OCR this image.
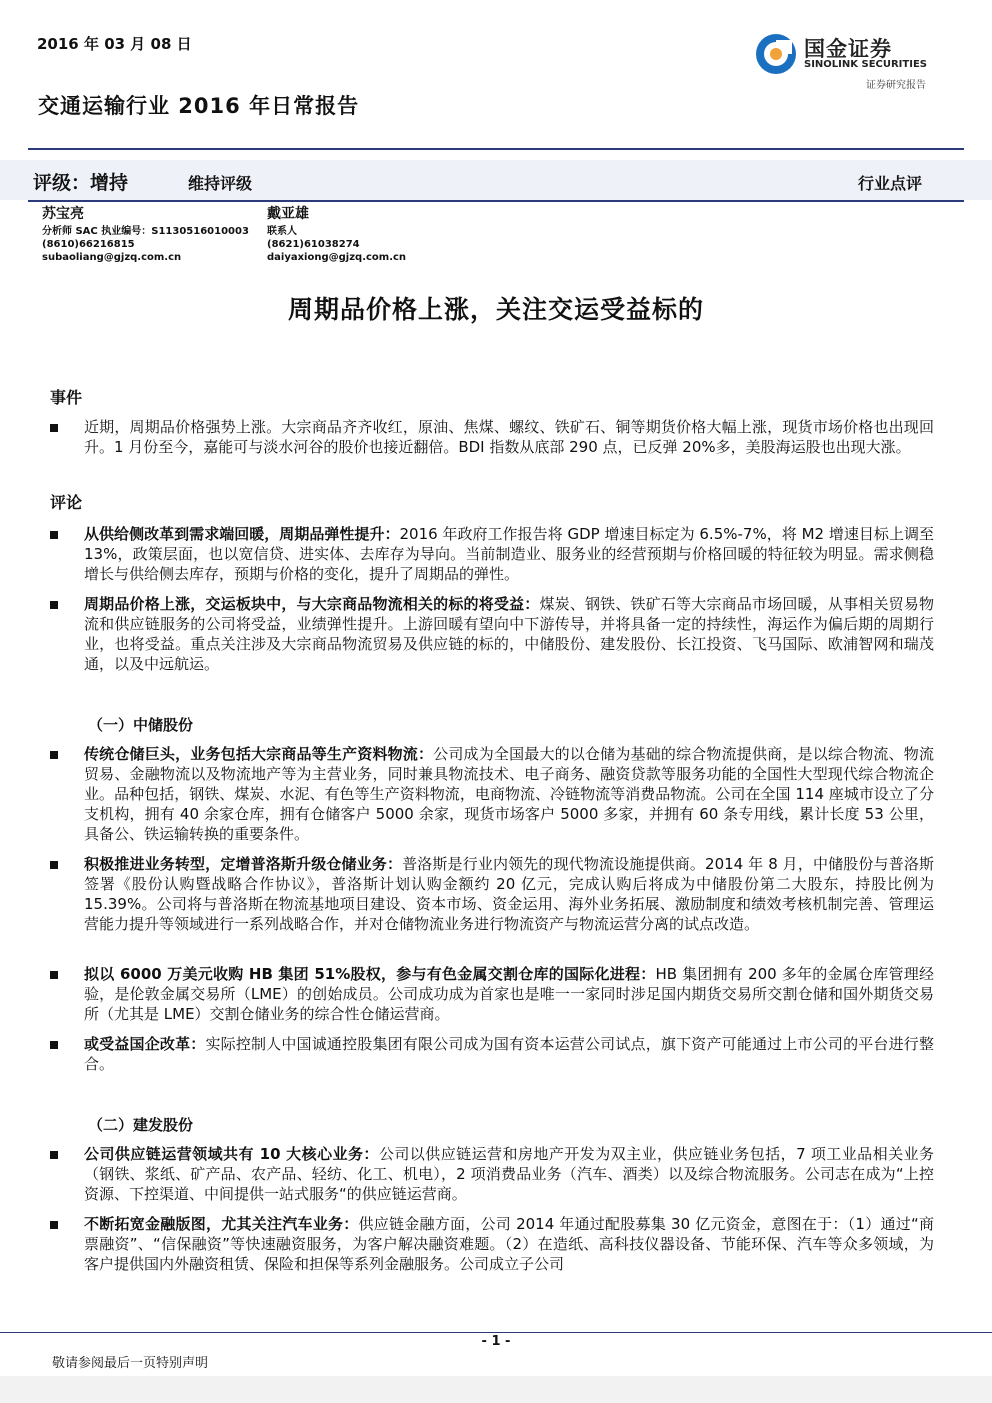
2016 年 03 月 08 日
交通运输行业 2016 年日常报告
国金证券
SINOLINK SECURITIES
证券研究报告
评级：增持	维持评级	行业点评
苏宝亮
分析师 SAC 执业编号：S1130516010003
(8610)66216815
subaoliang@gjzq.com.cn
戴亚雄
联系人
(8621)61038274
daiyaxiong@gjzq.com.cn
周期品价格上涨，关注交运受益标的
事件
近期，周期品价格强势上涨。大宗商品齐齐收红，原油、焦煤、螺纹、铁矿石、铜等期货价格大幅上涨，现货市场价格也出现回升。1 月份至今，嘉能可与淡水河谷的股价也接近翻倍。BDI 指数从底部 290 点，已反弹 20%多，美股海运股也出现大涨。
评论
从供给侧改革到需求端回暖，周期品弹性提升：2016 年政府工作报告将 GDP 增速目标定为 6.5%-7%，将 M2 增速目标上调至 13%，政策层面，也以宽信贷、进实体、去库存为导向。当前制造业、服务业的经营预期与价格回暖的特征较为明显。需求侧稳增长与供给侧去库存，预期与价格的变化，提升了周期品的弹性。
周期品价格上涨，交运板块中，与大宗商品物流相关的标的将受益：煤炭、钢铁、铁矿石等大宗商品市场回暖，从事相关贸易物流和供应链服务的公司将受益，业绩弹性提升。上游回暖有望向中下游传导，并将具备一定的持续性，海运作为偏后期的周期行业，也将受益。重点关注涉及大宗商品物流贸易及供应链的标的，中储股份、建发股份、长江投资、飞马国际、欧浦智网和瑞茂通，以及中远航运。
（一）中储股份
传统仓储巨头，业务包括大宗商品等生产资料物流：公司成为全国最大的以仓储为基础的综合物流提供商，是以综合物流、物流贸易、金融物流以及物流地产等为主营业务，同时兼具物流技术、电子商务、融资贷款等服务功能的全国性大型现代综合物流企业。品种包括，钢铁、煤炭、水泥、有色等生产资料物流，电商物流、冷链物流等消费品物流。公司在全国 114 座城市设立了分支机构，拥有 40 余家仓库，拥有仓储客户 5000 余家，现货市场客户 5000 多家，并拥有 60 条专用线，累计长度 53 公里，具备公、铁运输转换的重要条件。
积极推进业务转型，定增普洛斯升级仓储业务：普洛斯是行业内领先的现代物流设施提供商。2014 年 8 月，中储股份与普洛斯签署《股份认购暨战略合作协议》，普洛斯计划认购金额约 20 亿元，完成认购后将成为中储股份第二大股东，持股比例为 15.39%。公司将与普洛斯在物流基地项目建设、资本市场、资金运用、海外业务拓展、激励制度和绩效考核机制完善、管理运营能力提升等领域进行一系列战略合作，并对仓储物流业务进行物流资产与物流运营分离的试点改造。
拟以 6000 万美元收购 HB 集团 51%股权，参与有色金属交割仓库的国际化进程：HB 集团拥有 200 多年的金属仓库管理经验，是伦敦金属交易所（LME）的创始成员。公司成功成为首家也是唯一一家同时涉足国内期货交易所交割仓储和国外期货交易所（尤其是 LME）交割仓储业务的综合性仓储运营商。
或受益国企改革：实际控制人中国诚通控股集团有限公司成为国有资本运营公司试点，旗下资产可能通过上市公司的平台进行整合。
（二）建发股份
公司供应链运营领域共有 10 大核心业务：公司以供应链运营和房地产开发为双主业，供应链业务包括，7 项工业品相关业务（钢铁、浆纸、矿产品、农产品、轻纺、化工、机电），2 项消费品业务（汽车、酒类）以及综合物流服务。公司志在成为“上控资源、下控渠道、中间提供一站式服务“的供应链运营商。
不断拓宽金融版图，尤其关注汽车业务：供应链金融方面，公司 2014 年通过配股募集 30 亿元资金，意图在于：（1）通过“商票融资”、“信保融资”等快速融资服务，为客户解决融资难题。（2）在造纸、高科技仪器设备、节能环保、汽车等众多领域，为客户提供国内外融资租赁、保险和担保等系列金融服务。公司成立子公司
- 1 -
敬请参阅最后一页特别声明
